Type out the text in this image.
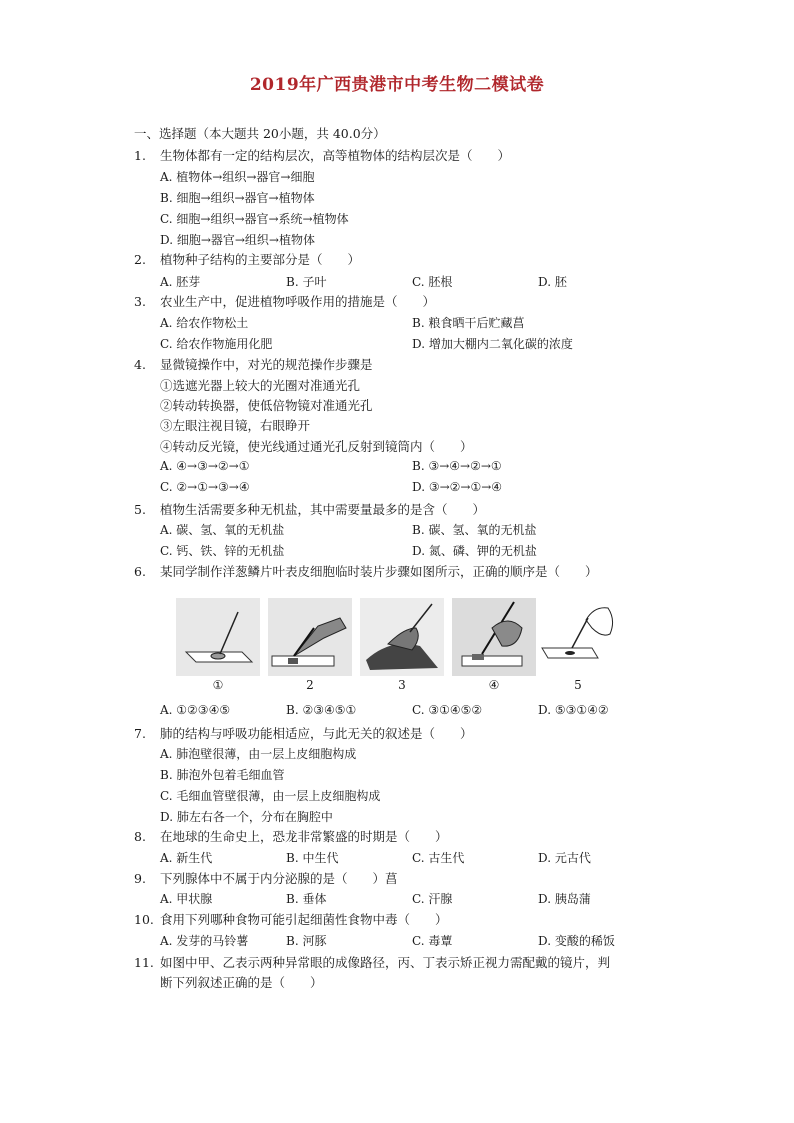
2019年广西贵港市中考生物二模试卷
一、选择题（本大题共 20小题，共 40.0分）
1.	生物体都有一定的结构层次，高等植物体的结构层次是（　　）
A. 植物体→组织→器官→细胞
B. 细胞→组织→器官→植物体
C. 细胞→组织→器官→系统→植物体
D. 细胞→器官→组织→植物体
2.	植物种子结构的主要部分是（　　）
A. 胚芽	B. 子叶	C. 胚根	D. 胚
3.	农业生产中，促进植物呼吸作用的措施是（　　）
A. 给农作物松土	B. 粮食晒干后贮藏菖
C. 给农作物施用化肥	D. 增加大棚内二氧化碳的浓度
4.	显微镜操作中，对光的规范操作步骤是
①选遮光器上较大的光圈对准通光孔
②转动转换器，使低倍物镜对准通光孔
③左眼注视目镜，右眼睁开
④转动反光镜，使光线通过通光孔反射到镜筒内（　　）
A. ④→③→②→①	B. ③→④→②→①
C. ②→①→③→④	D. ③→②→①→④
5.	植物生活需要多种无机盐，其中需要量最多的是含（　　）
A. 碳、氢、氧的无机盐	B. 碳、氢、氧的无机盐
C. 钙、铁、锌的无机盐	D. 氮、磷、钾的无机盐
6.	某同学制作洋葱鳞片叶表皮细胞临时装片步骤如图所示，正确的顺序是（　　）
①	2	3	④	5
A. ①②③④⑤	B. ②③④⑤①	C. ③①④⑤②	D. ⑤③①④②
7.	肺的结构与呼吸功能相适应，与此无关的叙述是（　　）
A. 肺泡壁很薄，由一层上皮细胞构成
B. 肺泡外包着毛细血管
C. 毛细血管壁很薄，由一层上皮细胞构成
D. 肺左右各一个，分布在胸腔中
8.	在地球的生命史上，恐龙非常繁盛的时期是（　　）
A. 新生代	B. 中生代	C. 古生代	D. 元古代
9.	下列腺体中不属于内分泌腺的是（　　）菖
A. 甲状腺	B. 垂体	C. 汗腺	D. 胰岛蒲
10. 食用下列哪种食物可能引起细菌性食物中毒（　　）
A. 发芽的马铃薯	B. 河豚	C. 毒蕈	D. 变酸的稀饭
11. 如图中甲、乙表示两种异常眼的成像路径，丙、丁表示矫正视力需配戴的镜片，判
断下列叙述正确的是（　　）
